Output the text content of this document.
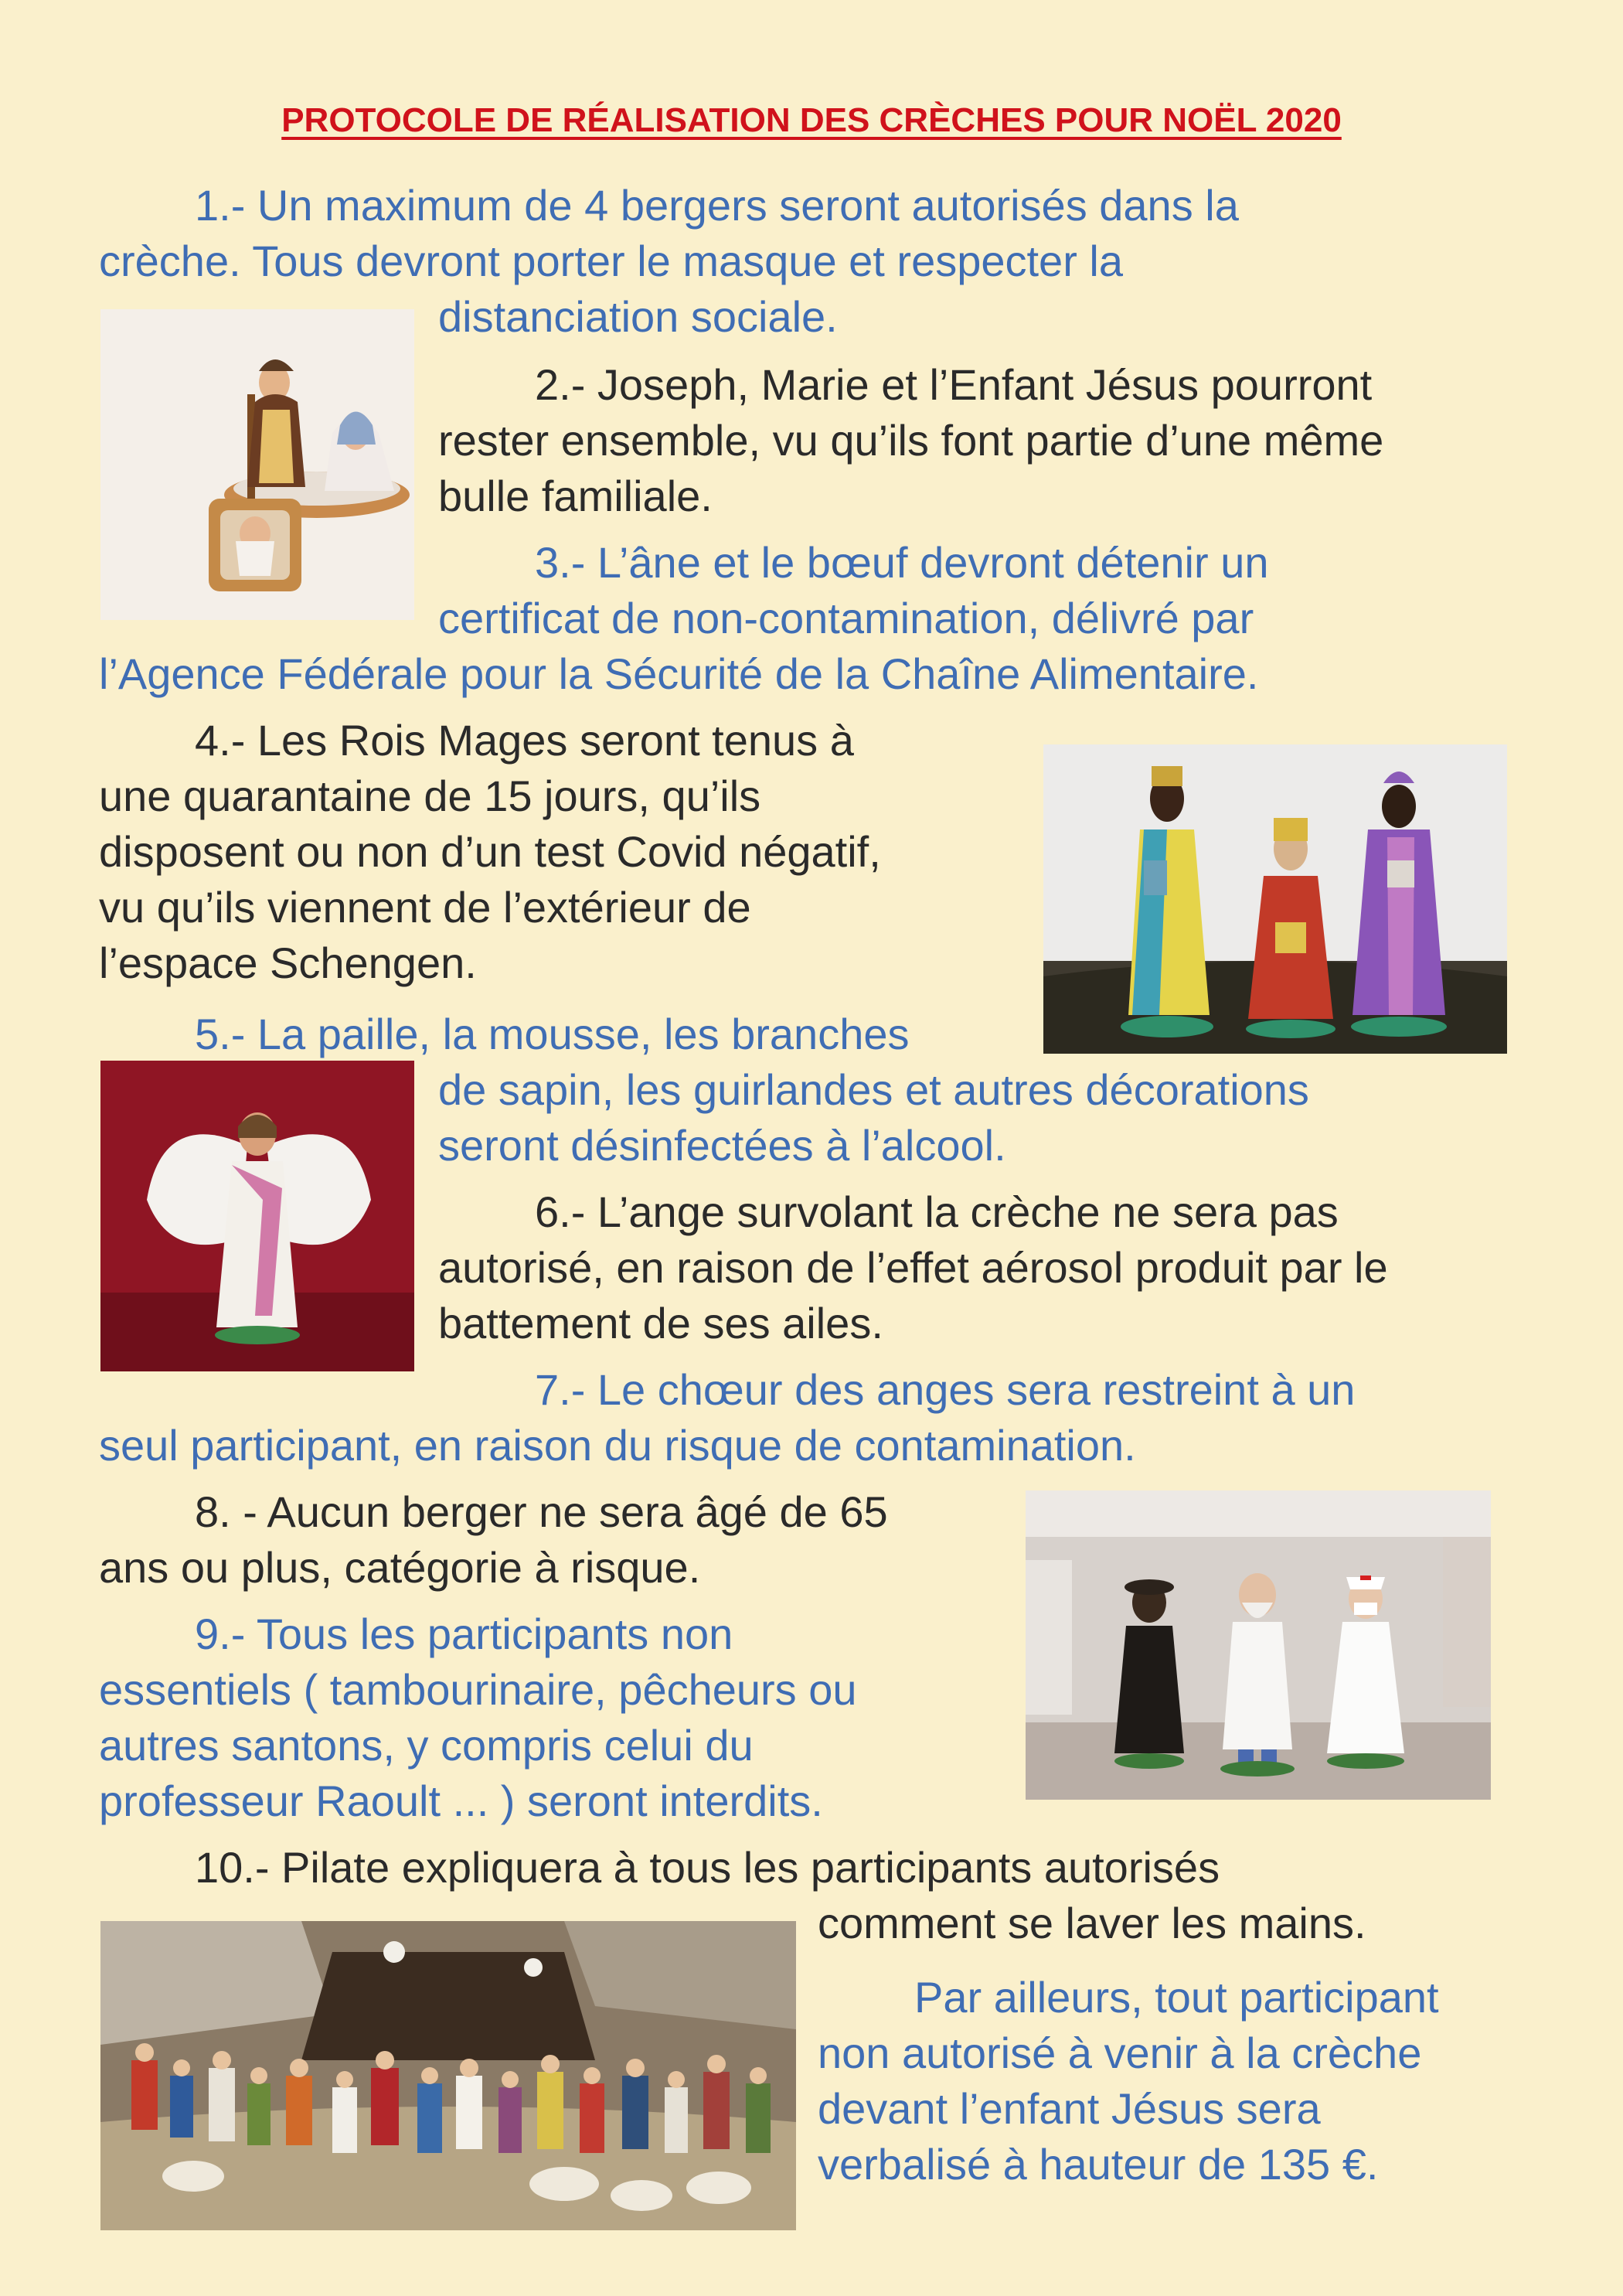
PROTOCOLE DE RÉALISATION DES CRÈCHES POUR NOËL 2020
1.- Un maximum de 4 bergers seront autorisés dans la
crèche. Tous devront porter le masque et respecter la
distanciation sociale.
2.- Joseph, Marie et l’Enfant Jésus pourront
rester ensemble, vu qu’ils font partie d’une même
bulle familiale.
3.- L’âne et le bœuf devront détenir un
certificat de non-contamination, délivré par
l’Agence Fédérale pour la Sécurité de la Chaîne Alimentaire.
4.- Les Rois Mages seront tenus à
une quarantaine de 15 jours, qu’ils
disposent ou non d’un test Covid négatif,
vu qu’ils viennent de l’extérieur de
l’espace Schengen.
5.- La paille, la mousse, les branches
de sapin, les guirlandes et autres décorations
seront désinfectées à l’alcool.
6.- L’ange survolant la crèche ne sera pas
autorisé, en raison de l’effet aérosol produit par le
battement de ses ailes.
7.- Le chœur des anges sera restreint à un
seul participant, en raison du risque de contamination.
8. - Aucun berger ne sera âgé de 65
ans ou plus, catégorie à risque.
9.- Tous les participants non
essentiels ( tambourinaire, pêcheurs ou
autres santons, y compris celui du
professeur Raoult ... ) seront interdits.
10.- Pilate expliquera à tous les participants autorisés
comment se laver les mains.
Par ailleurs, tout participant
non autorisé à venir à la crèche
devant l’enfant Jésus sera
verbalisé à hauteur de 135 €.
